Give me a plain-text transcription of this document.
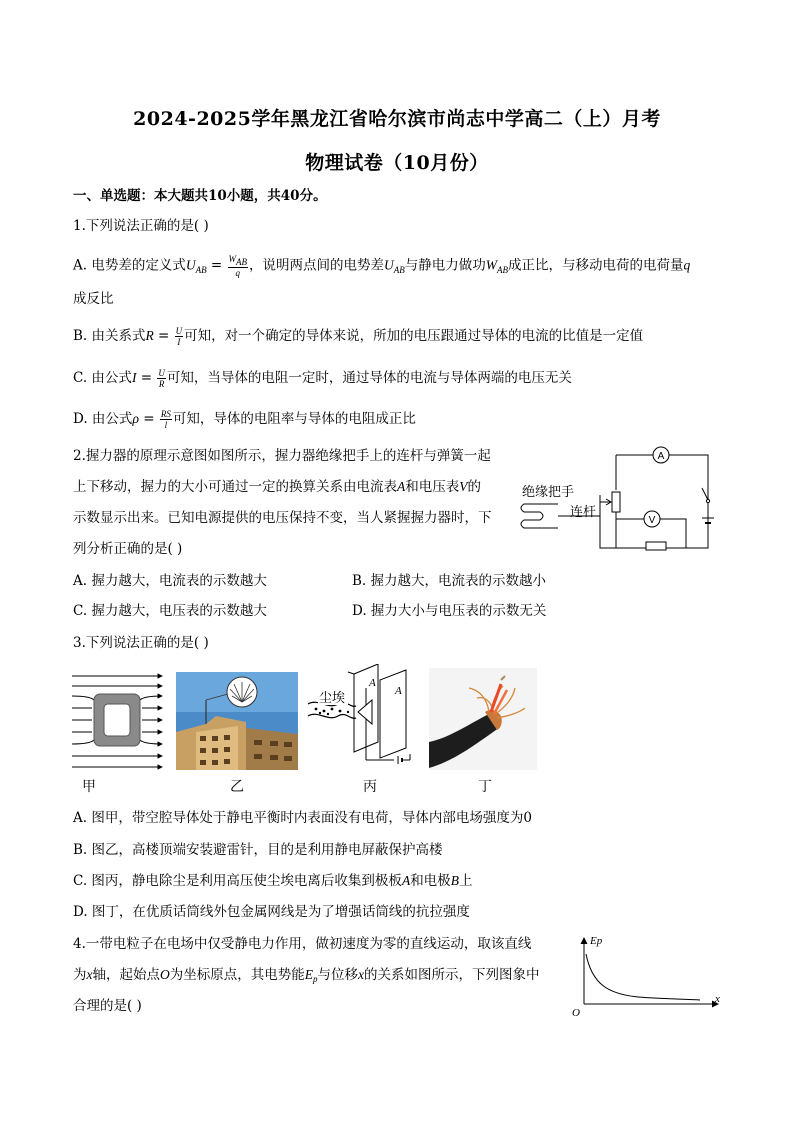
2024-2025学年黑龙江省哈尔滨市尚志中学高二（上）月考
物理试卷（10月份）
一、单选题：本大题共10小题，共40分。
1.下列说法正确的是( )
A. 电势差的定义式$U_{AB} = \frac{W_{AB}}{q}$ ，说明两点间的电势差$U_{AB}$与静电力做功$W_{AB}$成正比，与移动电荷的电荷量q
成反比
B. 由关系式$R = \frac{U}{I}$ 可知，对一个确定的导体来说，所加的电压跟通过导体的电流的比值是一定值
C. 由公式$I = \frac{U}{R}$ 可知，当导体的电阻一定时，通过导体的电流与导体两端的电压无关
D. 由公式$\rho = \frac{RS}{l}$ 可知，导体的电阻率与导体的电阻成正比
2.握力器的原理示意图如图所示，握力器绝缘把手上的连杆与弹簧一起
上下移动，握力的大小可通过一定的换算关系由电流表A和电压表V的
示数显示出来。已知电源提供的电压保持不变，当人紧握握力器时，下
列分析正确的是( )
A
V
绝缘把手
连杆
A. 握力越大，电流表的示数越大	B. 握力越大，电流表的示数越小
C. 握力越大，电压表的示数越大	D. 握力大小与电压表的示数无关
3.下列说法正确的是( )
尘埃
A
A
甲	乙	丙	丁
A. 图甲，带空腔导体处于静电平衡时内表面没有电荷，导体内部电场强度为0
B. 图乙，高楼顶端安装避雷针，目的是利用静电屏蔽保护高楼
C. 图丙，静电除尘是利用高压使尘埃电离后收集到极板A和电极B上
D. 图丁，在优质话筒线外包金属网线是为了增强话筒线的抗拉强度
4.一带电粒子在电场中仅受静电力作用，做初速度为零的直线运动，取该直线
为x轴，起始点O为坐标原点，其电势能$E_p$与位移x的关系如图所示，下列图象中
合理的是( )
Ep
x
O
